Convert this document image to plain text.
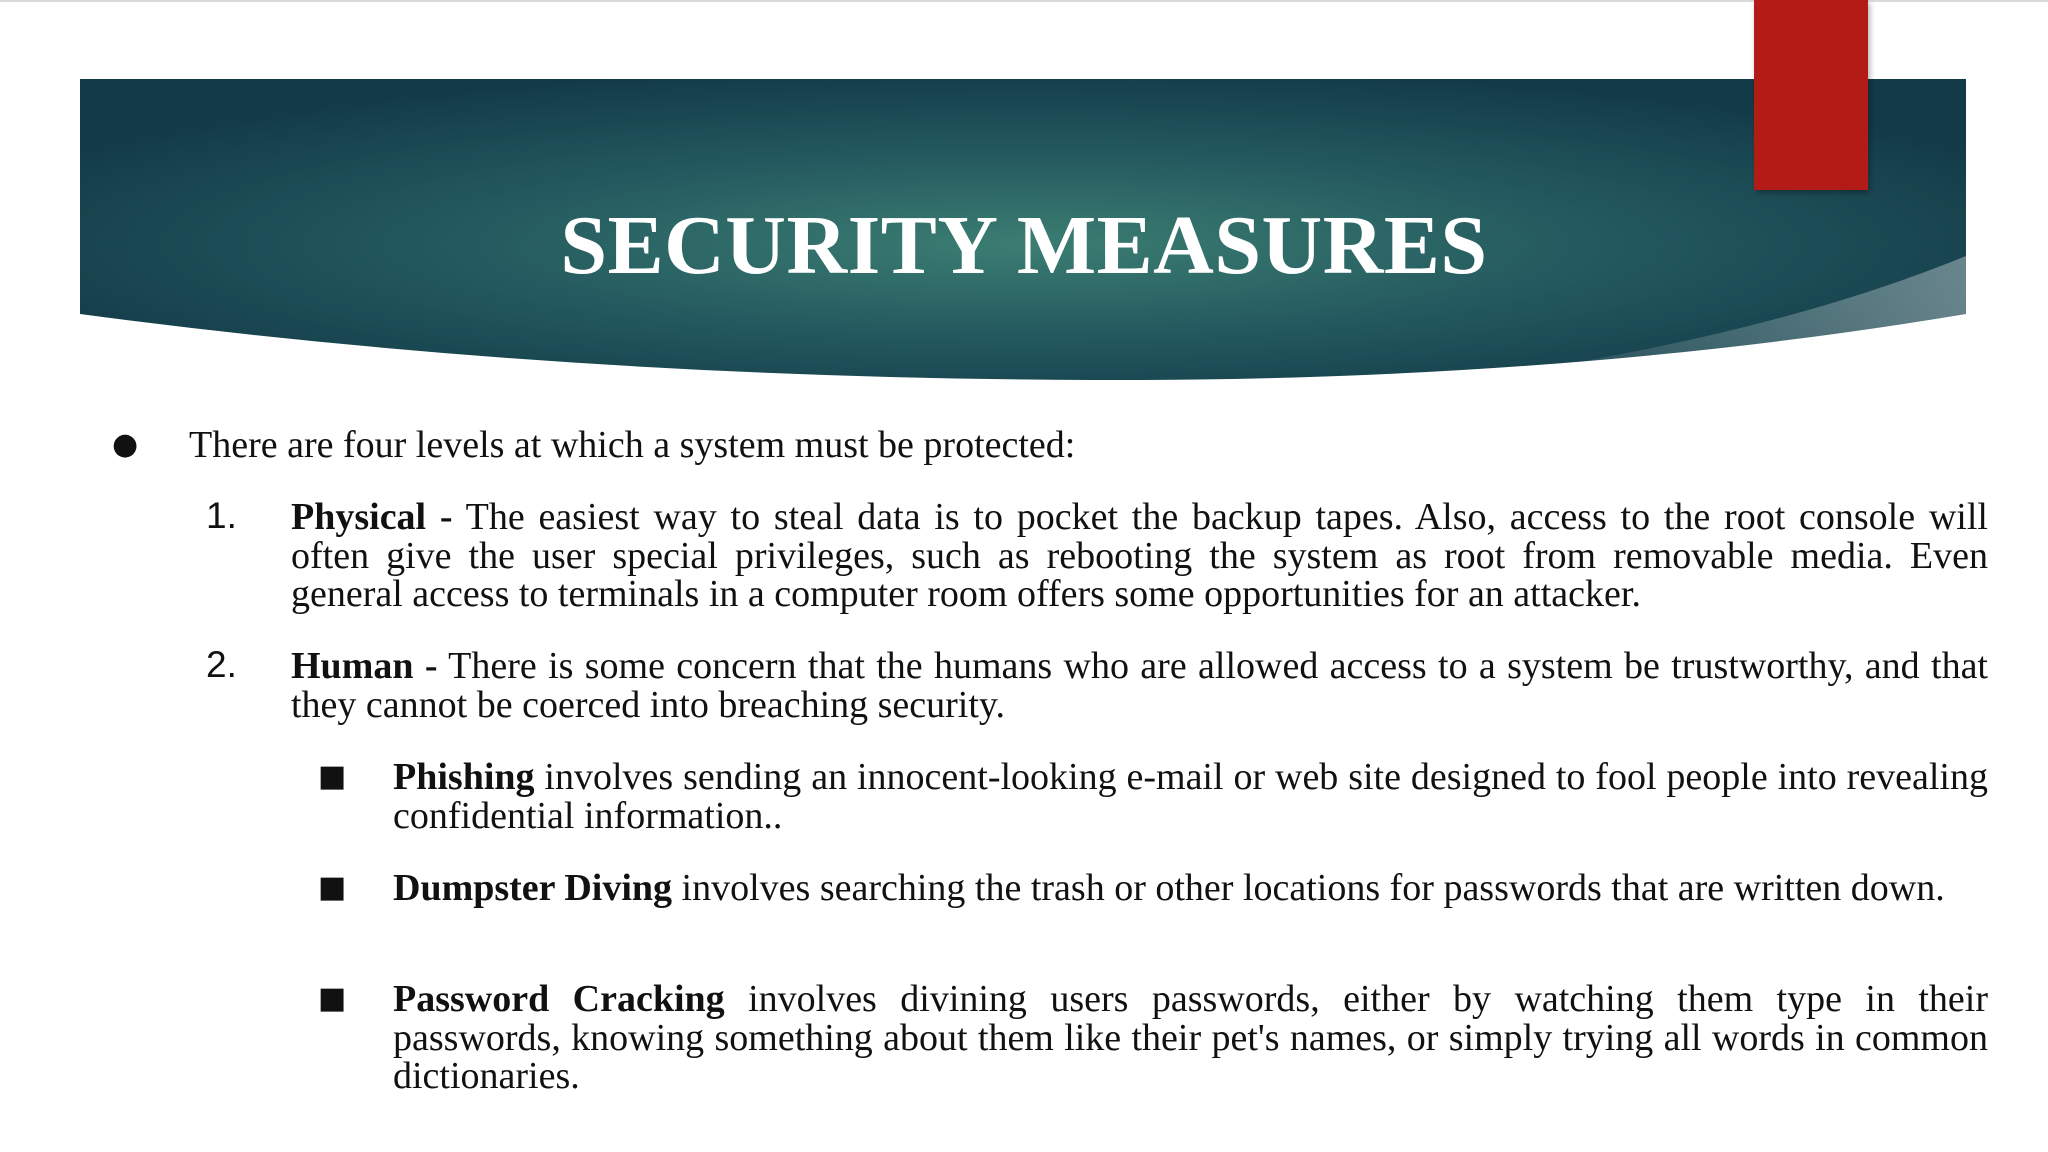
SECURITY MEASURES
● There are four levels at which a system must be protected:
1. Physical - The easiest way to steal data is to pocket the backup tapes. Also, access to the root console will often give the user special privileges, such as rebooting the system as root from removable media. Even general access to terminals in a computer room offers some opportunities for an attacker.
2. Human - There is some concern that the humans who are allowed access to a system be trustworthy, and that they cannot be coerced into breaching security.
■ Phishing involves sending an innocent-looking e-mail or web site designed to fool people into revealing      confidential information..
■ Dumpster Diving involves searching the trash or other locations for passwords that are written down.
■ Password Cracking involves divining users passwords, either by watching them type in their passwords, knowing something about them like their pet's names, or simply trying all words in common dictionaries.
